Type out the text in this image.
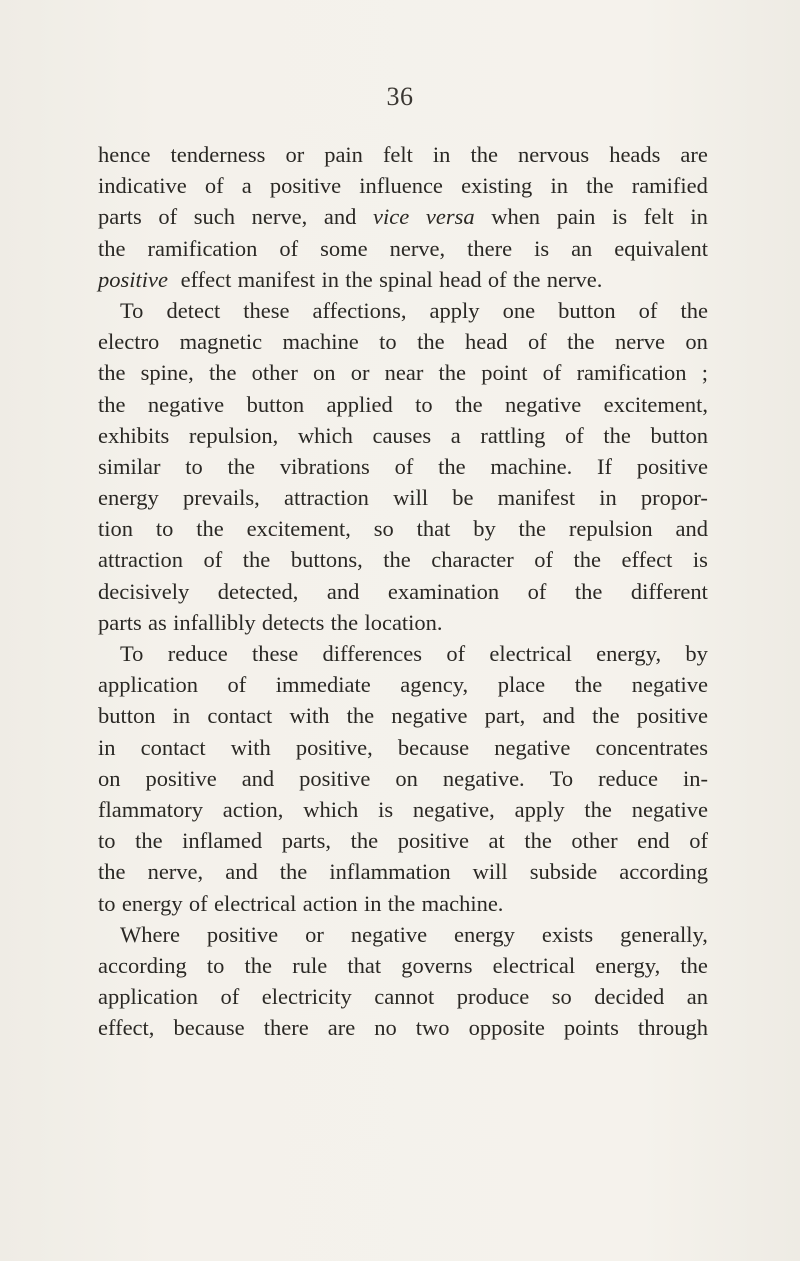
36
hence tenderness or pain felt in the nervous heads are
indicative of a positive influence existing in the ramified
parts of such nerve, and vice versa when pain is felt in
the ramification of some nerve, there is an equivalent
positive effect manifest in the spinal head of the nerve.
To detect these affections, apply one button of the
electro magnetic machine to the head of the nerve on
the spine, the other on or near the point of ramification ;
the negative button applied to the negative excitement,
exhibits repulsion, which causes a rattling of the button
similar to the vibrations of the machine. If positive
energy prevails, attraction will be manifest in propor-
tion to the excitement, so that by the repulsion and
attraction of the buttons, the character of the effect is
decisively detected, and examination of the different
parts as infallibly detects the location.
To reduce these differences of electrical energy, by
application of immediate agency, place the negative
button in contact with the negative part, and the positive
in contact with positive, because negative concentrates
on positive and positive on negative. To reduce in-
flammatory action, which is negative, apply the negative
to the inflamed parts, the positive at the other end of
the nerve, and the inflammation will subside according
to energy of electrical action in the machine.
Where positive or negative energy exists generally,
according to the rule that governs electrical energy, the
application of electricity cannot produce so decided an
effect, because there are no two opposite points through
